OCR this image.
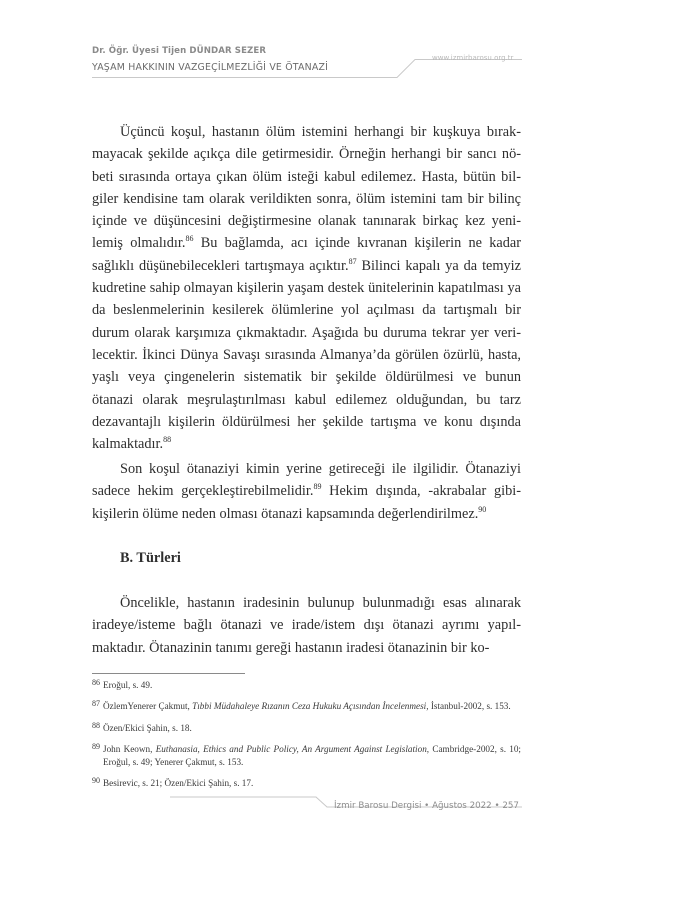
Dr. Öğr. Üyesi Tijen DÜNDAR SEZER
YAŞAM HAKKININ VAZGEÇİLMEZLİĞİ VE ÖTANAZİ
www.izmirbarosu.org.tr

Üçüncü koşul, hastanın ölüm istemini herhangi bir kuşkuya bırakmayacak şekilde açıkça dile getirmesidir. Örneğin herhangi bir sancı nöbeti sırasında ortaya çıkan ölüm isteği kabul edilemez. Hasta, bütün bilgiler kendisine tam olarak verildikten sonra, ölüm istemini tam bir bilinç içinde ve düşüncesini değiştirmesine olanak tanınarak birkaç kez yenilemiş olmalıdır.$^{86}$ Bu bağlamda, acı içinde kıvranan kişilerin ne kadar sağlıklı düşünebilecekleri tartışmaya açıktır.$^{87}$ Bilinci kapalı ya da temyiz kudretine sahip olmayan kişilerin yaşam destek ünitelerinin kapatılması ya da beslenmelerinin kesilerek ölümlerine yol açılması da tartışmalı bir durum olarak karşımıza çıkmaktadır. Aşağıda bu duruma tekrar yer verilecektir. İkinci Dünya Savaşı sırasında Almanya’da görülen özürlü, hasta, yaşlı veya çingenelerin sistematik bir şekilde öldürülmesi ve bunun ötanazi olarak meşrulaştırılması kabul edilemez olduğundan, bu tarz dezavantajlı kişilerin öldürülmesi her şekilde tartışma ve konu dışında kalmaktadır.$^{88}$

Son koşul ötanaziyi kimin yerine getireceği ile ilgilidir. Ötanaziyi sadece hekim gerçekleştirebilmelidir.$^{89}$ Hekim dışında, -akrabalar gibi-kişilerin ölüme neden olması ötanazi kapsamında değerlendirilmez.$^{90}$

B. Türleri

Öncelikle, hastanın iradesinin bulunup bulunmadığı esas alınarak iradeye/isteme bağlı ötanazi ve irade/istem dışı ötanazi ayrımı yapılmaktadır. Ötanazinin tanımı gereği hastanın iradesi ötanazinin bir ko-

86 Eroğul, s. 49.
87 ÖzlemYenerer Çakmut, Tıbbi Müdahaleye Rızanın Ceza Hukuku Açısından İncelenmesi, İstanbul-2002, s. 153.
88 Özen/Ekici Şahin, s. 18.
89 John Keown, Euthanasia, Ethics and Public Policy, An Argument Against Legislation, Cambridge-2002, s. 10; Eroğul, s. 49; Yenerer Çakmut, s. 153.
90 Besirevic, s. 21; Özen/Ekici Şahin, s. 17.
İzmir Barosu Dergisi • Ağustos 2022 • 257
